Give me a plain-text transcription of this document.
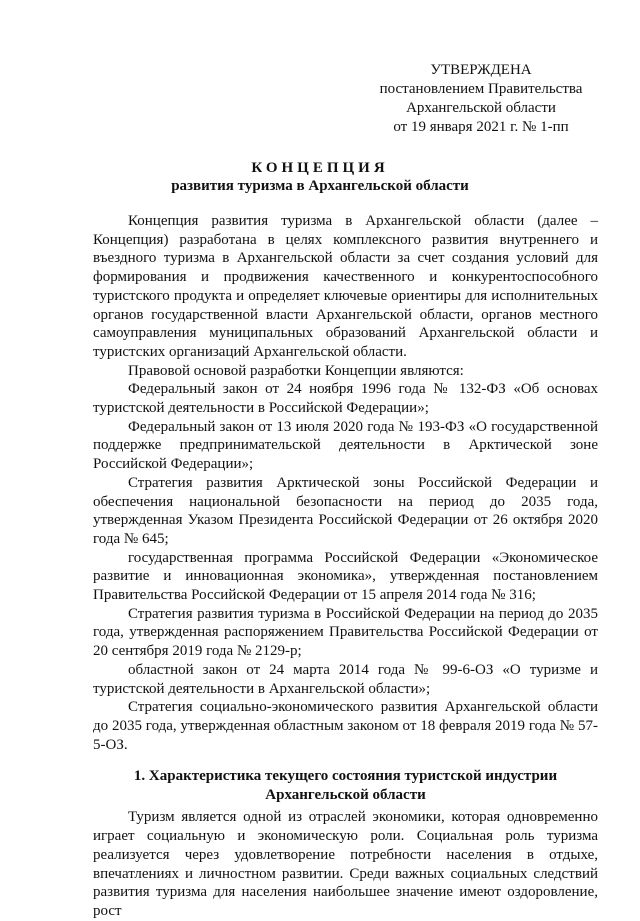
УТВЕРЖДЕНА
постановлением Правительства
Архангельской области
от 19 января 2021 г. № 1-пп
КОНЦЕПЦИЯ
развития туризма в Архангельской области

Концепция развития туризма в Архангельской области (далее – Концепция) разработана в целях комплексного развития внутреннего и въездного туризма в Архангельской области за счет создания условий для формирования и продвижения качественного и конкурентоспособного туристского продукта и определяет ключевые ориентиры для исполнительных органов государственной власти Архангельской области, органов местного самоуправления муниципальных образований Архангельской области и туристских организаций Архангельской области.

Правовой основой разработки Концепции являются:

Федеральный закон от 24 ноября 1996 года № 132-ФЗ «Об основах туристской деятельности в Российской Федерации»;

Федеральный закон от 13 июля 2020 года № 193-ФЗ «О государственной поддержке предпринимательской деятельности в Арктической зоне Российской Федерации»;

Стратегия развития Арктической зоны Российской Федерации и обеспечения национальной безопасности на период до 2035 года, утвержденная Указом Президента Российской Федерации от 26 октября 2020 года № 645;

государственная программа Российской Федерации «Экономическое развитие и инновационная экономика», утвержденная постановлением Правительства Российской Федерации от 15 апреля 2014 года № 316;

Стратегия развития туризма в Российской Федерации на период до 2035 года, утвержденная распоряжением Правительства Российской Федерации от 20 сентября 2019 года № 2129-р;

областной закон от 24 марта 2014 года № 99-6-ОЗ «О туризме и туристской деятельности в Архангельской области»;

Стратегия социально-экономического развития Архангельской области до 2035 года, утвержденная областным законом от 18 февраля 2019 года № 57-5-ОЗ.

1. Характеристика текущего состояния туристской индустрии
Архангельской области

Туризм является одной из отраслей экономики, которая одновременно играет социальную и экономическую роли. Социальная роль туризма реализуется через удовлетворение потребности населения в отдыхе, впечатлениях и личностном развитии. Среди важных социальных следствий развития туризма для населения наибольшее значение имеют оздоровление, рост
